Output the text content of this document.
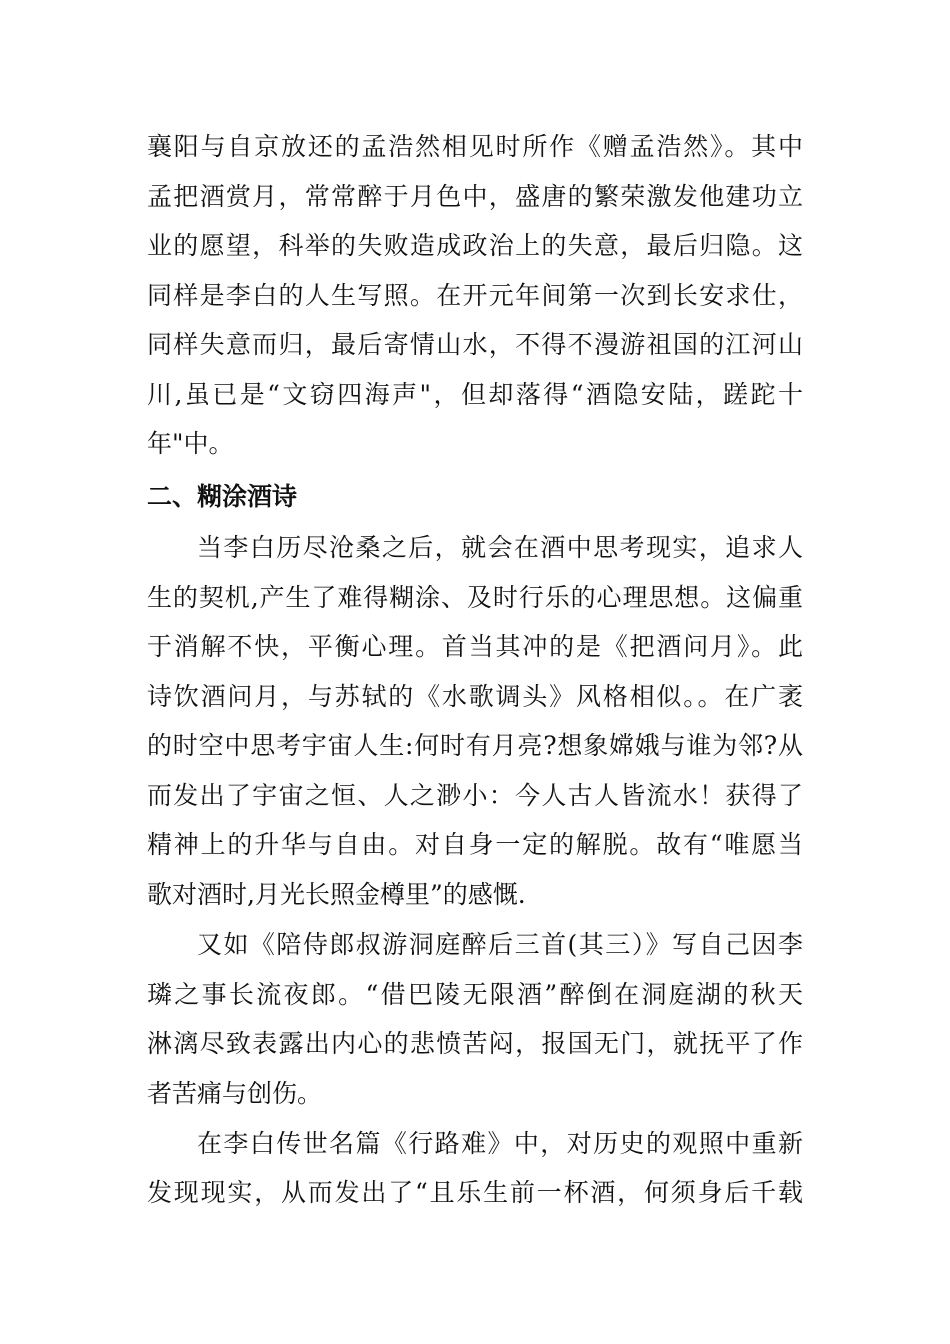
襄阳与自京放还的孟浩然相见时所作《赠孟浩然》。其中
孟把酒赏月，常常醉于月色中，盛唐的繁荣激发他建功立
业的愿望，科举的失败造成政治上的失意，最后归隐。这
同样是李白的人生写照。在开元年间第一次到长安求仕，
同样失意而归，最后寄情山水，不得不漫游祖国的江河山
川,虽已是“文窃四海声"，但却落得“酒隐安陆，蹉跎十
年"中。
二、糊涂酒诗
当李白历尽沧桑之后，就会在酒中思考现实，追求人
生的契机,产生了难得糊涂、及时行乐的心理思想。这偏重
于消解不快，平衡心理。首当其冲的是《把酒问月》。此
诗饮酒问月，与苏轼的《水歌调头》风格相似。。在广袤
的时空中思考宇宙人生:何时有月亮?想象嫦娥与谁为邻?从
而发出了宇宙之恒、人之渺小：今人古人皆流水！获得了
精神上的升华与自由。对自身一定的解脱。故有“唯愿当
歌对酒时,月光长照金樽里”的感慨.
又如《陪侍郎叔游洞庭醉后三首(其三）》写自己因李
璘之事长流夜郎。“借巴陵无限酒”醉倒在洞庭湖的秋天
淋漓尽致表露出内心的悲愤苦闷，报国无门，就抚平了作
者苦痛与创伤。
在李白传世名篇《行路难》中，对历史的观照中重新
发现现实，从而发出了“且乐生前一杯酒，何须身后千载
